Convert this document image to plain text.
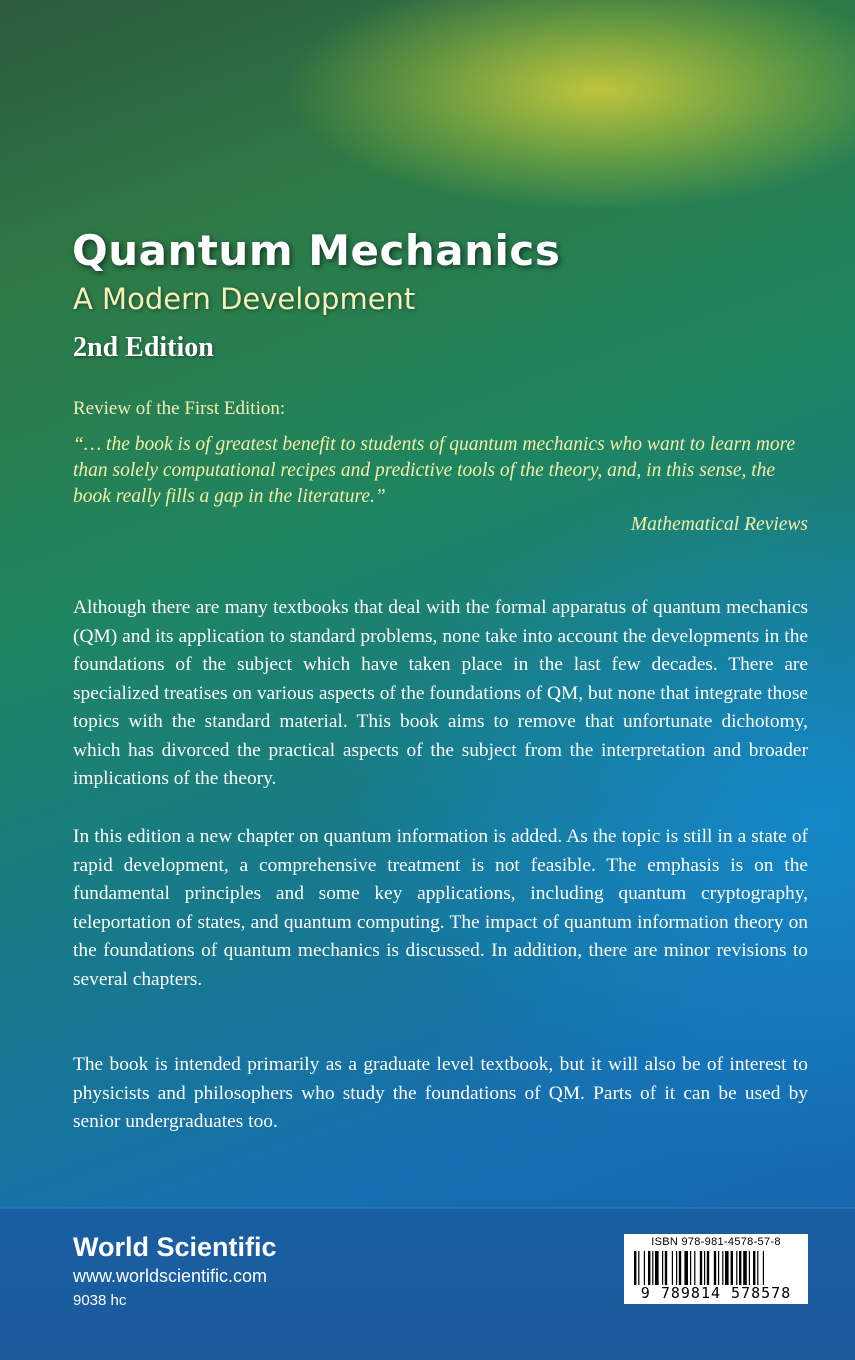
Quantum Mechanics
A Modern Development
2nd Edition
Review of the First Edition:
“… the book is of greatest benefit to students of quantum mechanics who want to learn more than solely computational recipes and predictive tools of the theory, and, in this sense, the book really fills a gap in the literature.”
Mathematical Reviews

Although there are many textbooks that deal with the formal apparatus of quantum mechanics (QM) and its application to standard problems, none take into account the developments in the foundations of the subject which have taken place in the last few decades. There are specialized treatises on various aspects of the foundations of QM, but none that integrate those topics with the standard material. This book aims to remove that unfortunate dichotomy, which has divorced the practical aspects of the subject from the interpretation and broader implications of the theory.

In this edition a new chapter on quantum information is added. As the topic is still in a state of rapid development, a comprehensive treatment is not feasible. The emphasis is on the fundamental principles and some key applications, including quantum cryptography, teleportation of states, and quantum computing. The impact of quantum information theory on the foundations of quantum mechanics is discussed. In addition, there are minor revisions to several chapters.

The book is intended primarily as a graduate level textbook, but it will also be of interest to physicists and philosophers who study the foundations of QM. Parts of it can be used by senior undergraduates too.

World Scientific
www.worldscientific.com
9038 hc
ISBN 978-981-4578-57-8
9 789814 578578
